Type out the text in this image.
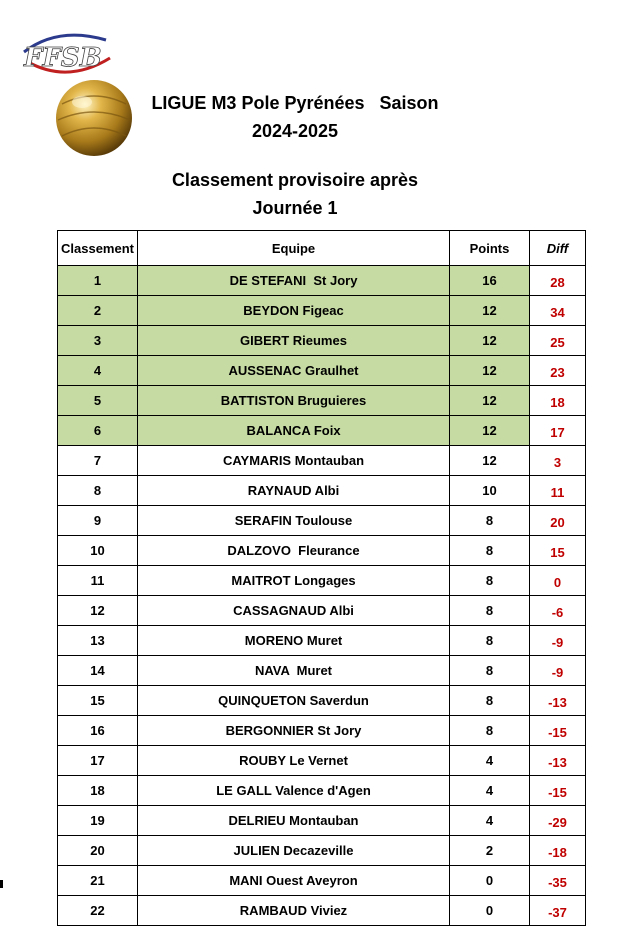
FFSB
LIGUE M3 Pole Pyrénées   Saison
2024-2025
Classement provisoire après
Journée 1
Classement	Equipe	Points	Diff
1	DE STEFANI  St Jory	16	28
2	BEYDON Figeac	12	34
3	GIBERT Rieumes	12	25
4	AUSSENAC Graulhet	12	23
5	BATTISTON Bruguieres	12	18
6	BALANCA Foix	12	17
7	CAYMARIS Montauban	12	3
8	RAYNAUD Albi	10	11
9	SERAFIN Toulouse	8	20
10	DALZOVO  Fleurance	8	15
11	MAITROT Longages	8	0
12	CASSAGNAUD Albi	8	-6
13	MORENO Muret	8	-9
14	NAVA  Muret	8	-9
15	QUINQUETON Saverdun	8	-13
16	BERGONNIER St Jory	8	-15
17	ROUBY Le Vernet	4	-13
18	LE GALL Valence d'Agen	4	-15
19	DELRIEU Montauban	4	-29
20	JULIEN Decazeville	2	-18
21	MANI Ouest Aveyron	0	-35
22	RAMBAUD Viviez	0	-37
